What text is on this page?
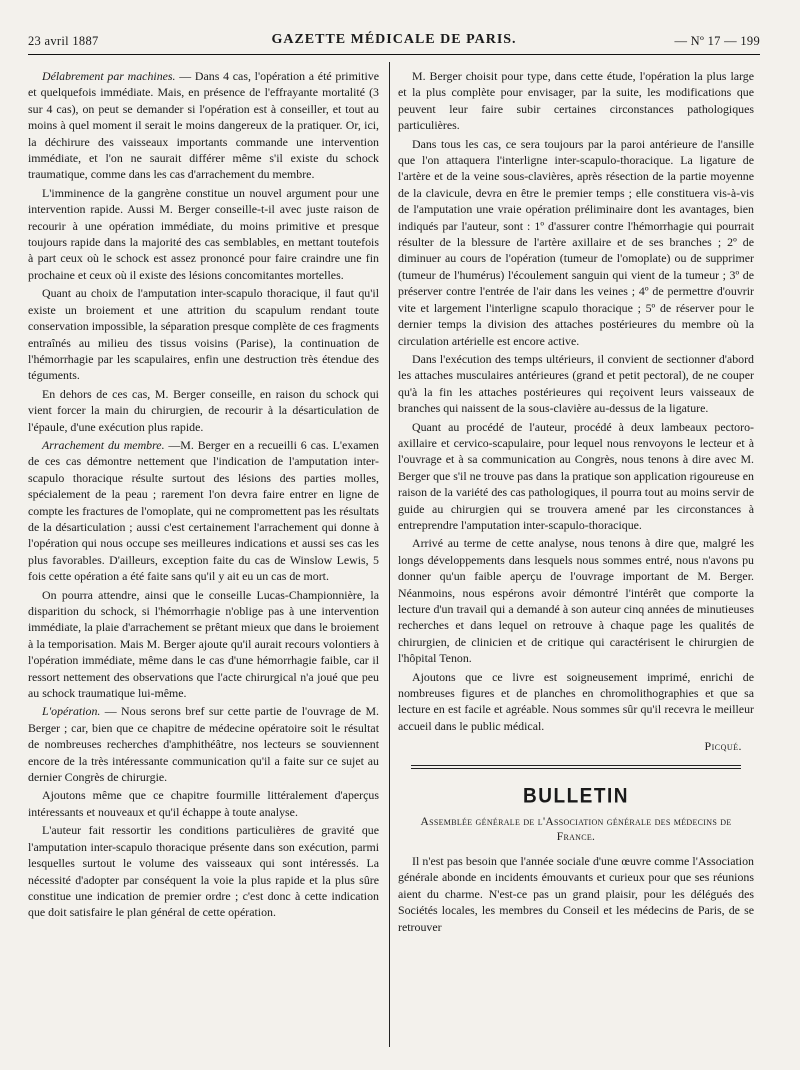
23 avril 1887	GAZETTE MÉDICALE DE PARIS.	— Nº 17 — 199

Délabrement par machines. — Dans 4 cas, l'opération a été primitive et quelquefois immédiate. Mais, en présence de l'effrayante mortalité (3 sur 4 cas), on peut se demander si l'opération est à conseiller, et tout au moins à quel moment il serait le moins dangereux de la pratiquer. Or, ici, la déchirure des vaisseaux importants commande une intervention immédiate, et l'on ne saurait différer même s'il existe du schock traumatique, comme dans les cas d'arrachement du membre.

L'imminence de la gangrène constitue un nouvel argument pour une intervention rapide. Aussi M. Berger conseille-t-il avec juste raison de recourir à une opération immédiate, du moins primitive et presque toujours rapide dans la majorité des cas semblables, en mettant toutefois à part ceux où le schock est assez prononcé pour faire craindre une fin prochaine et ceux où il existe des lésions concomitantes mortelles.

Quant au choix de l'amputation inter-scapulo thoracique, il faut qu'il existe un broiement et une attrition du scapulum rendant toute conservation impossible, la séparation presque complète de ces fragments entraînés au milieu des tissus voisins (Parise), la continuation de l'hémorrhagie par les scapulaires, enfin une destruction très étendue des téguments.

En dehors de ces cas, M. Berger conseille, en raison du schock qui vient forcer la main du chirurgien, de recourir à la désarticulation de l'épaule, d'une exécution plus rapide.

Arrachement du membre. —M. Berger en a recueilli 6 cas. L'examen de ces cas démontre nettement que l'indication de l'amputation inter-scapulo thoracique résulte surtout des lésions des parties molles, spécialement de la peau ; rarement l'on devra faire entrer en ligne de compte les fractures de l'omoplate, qui ne compromettent pas les résultats de la désarticulation ; aussi c'est certainement l'arrachement qui donne à l'opération qui nous occupe ses meilleures indications et aussi ses cas les plus favorables. D'ailleurs, exception faite du cas de Winslow Lewis, 5 fois cette opération a été faite sans qu'il y ait eu un cas de mort.

On pourra attendre, ainsi que le conseille Lucas-Championnière, la disparition du schock, si l'hémorrhagie n'oblige pas à une intervention immédiate, la plaie d'arrachement se prêtant mieux que dans le broiement à la temporisation. Mais M. Berger ajoute qu'il aurait recours volontiers à l'opération immédiate, même dans le cas d'une hémorrhagie faible, car il ressort nettement des observations que l'acte chirurgical n'a joué que peu au schock traumatique lui-même.

L'opération. — Nous serons bref sur cette partie de l'ouvrage de M. Berger ; car, bien que ce chapitre de médecine opératoire soit le résultat de nombreuses recherches d'amphithéâtre, nos lecteurs se souviennent encore de la très intéressante communication qu'il a faite sur ce sujet au dernier Congrès de chirurgie.

Ajoutons même que ce chapitre fourmille littéralement d'aperçus intéressants et nouveaux et qu'il échappe à toute analyse.

L'auteur fait ressortir les conditions particulières de gravité que l'amputation inter-scapulo thoracique présente dans son exécution, parmi lesquelles surtout le volume des vaisseaux qui sont intéressés. La nécessité d'adopter par conséquent la voie la plus rapide et la plus sûre constitue une indication de premier ordre ; c'est donc à cette indication que doit satisfaire le plan général de cette opération.

M. Berger choisit pour type, dans cette étude, l'opération la plus large et la plus complète pour envisager, par la suite, les modifications que peuvent leur faire subir certaines circonstances pathologiques particulières.

Dans tous les cas, ce sera toujours par la paroi antérieure de l'ansille que l'on attaquera l'interligne inter-scapulo-thoracique. La ligature de l'artère et de la veine sous-clavières, après résection de la partie moyenne de la clavicule, devra en être le premier temps ; elle constituera vis-à-vis de l'amputation une vraie opération préliminaire dont les avantages, bien indiqués par l'auteur, sont : 1º d'assurer contre l'hémorrhagie qui pourrait résulter de la blessure de l'artère axillaire et de ses branches ; 2º de diminuer au cours de l'opération (tumeur de l'omoplate) ou de supprimer (tumeur de l'humérus) l'écoulement sanguin qui vient de la tumeur ; 3º de préserver contre l'entrée de l'air dans les veines ; 4º de permettre d'ouvrir vite et largement l'interligne scapulo thoracique ; 5º de réserver pour le dernier temps la division des attaches postérieures du membre où la circulation artérielle est encore active.

Dans l'exécution des temps ultérieurs, il convient de sectionner d'abord les attaches musculaires antérieures (grand et petit pectoral), de ne couper qu'à la fin les attaches postérieures qui reçoivent leurs vaisseaux de branches qui naissent de la sous-clavière au-dessus de la ligature.

Quant au procédé de l'auteur, procédé à deux lambeaux pectoro-axillaire et cervico-scapulaire, pour lequel nous renvoyons le lecteur et à l'ouvrage et à sa communication au Congrès, nous tenons à dire avec M. Berger que s'il ne trouve pas dans la pratique son application rigoureuse en raison de la variété des cas pathologiques, il pourra tout au moins servir de guide au chirurgien qui se trouvera amené par les circonstances à entreprendre l'amputation inter-scapulo-thoracique.

Arrivé au terme de cette analyse, nous tenons à dire que, malgré les longs développements dans lesquels nous sommes entré, nous n'avons pu donner qu'un faible aperçu de l'ouvrage important de M. Berger. Néanmoins, nous espérons avoir démontré l'intérêt que comporte la lecture d'un travail qui a demandé à son auteur cinq années de minutieuses recherches et dans lequel on retrouve à chaque page les qualités de chirurgien, de clinicien et de critique qui caractérisent le chirurgien de l'hôpital Tenon.

Ajoutons que ce livre est soigneusement imprimé, enrichi de nombreuses figures et de planches en chromolithographies et que sa lecture en est facile et agréable. Nous sommes sûr qu'il recevra le meilleur accueil dans le public médical.

Picqué.

BULLETIN
Assemblée générale de l'Association générale des médecins de France.

Il n'est pas besoin que l'année sociale d'une œuvre comme l'Association générale abonde en incidents émouvants et curieux pour que ses réunions aient du charme. N'est-ce pas un grand plaisir, pour les délégués des Sociétés locales, les membres du Conseil et les médecins de Paris, de se retrouver
